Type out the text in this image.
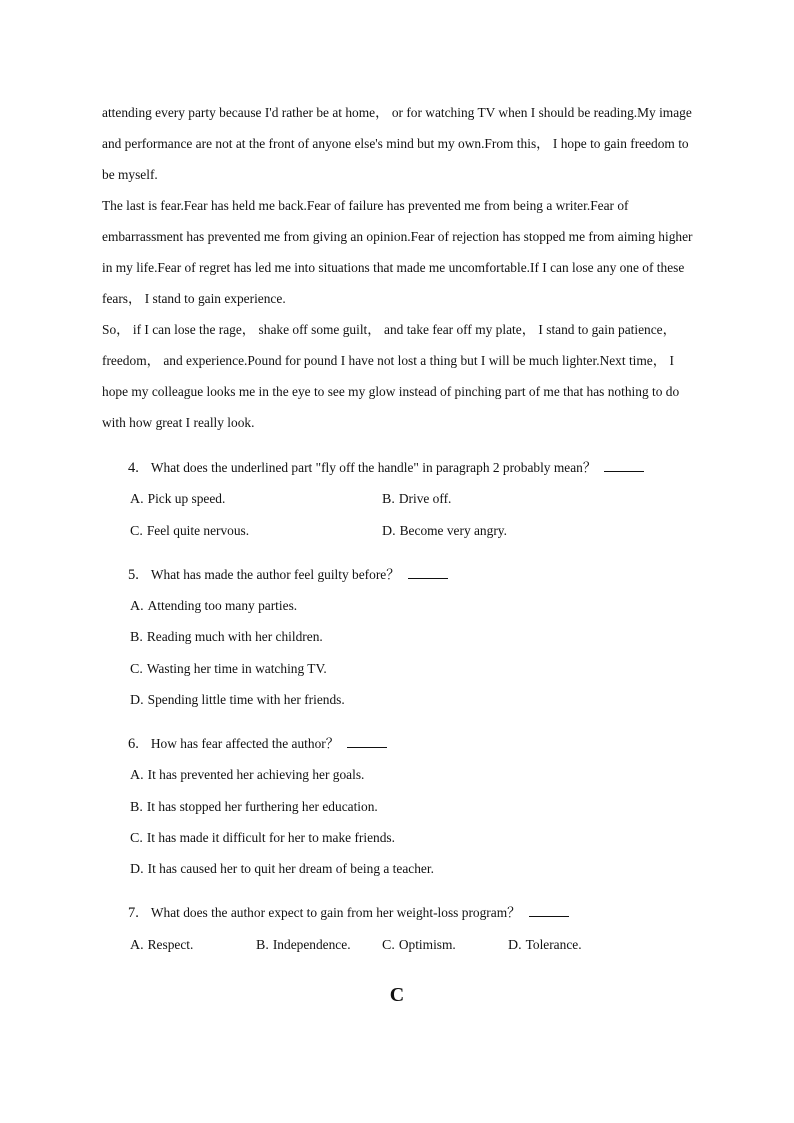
attending every party because I'd rather be at home， or for watching TV when I should be reading.My image and performance are not at the front of anyone else's mind but my own.From this， I hope to gain freedom to be myself.

The last is fear.Fear has held me back.Fear of failure has prevented me from being a writer.Fear of embarrassment has prevented me from giving an opinion.Fear of rejection has stopped me from aiming higher in my life.Fear of regret has led me into situations that made me uncomfortable.If I can lose any one of these fears， I stand to gain experience.

So， if I can lose the rage， shake off some guilt， and take fear off my plate， I stand to gain patience， freedom， and experience.Pound for pound I have not lost a thing but I will be much lighter.Next time， I hope my colleague looks me in the eye to see my glow instead of pinching part of me that has nothing to do with how great I really look.

4. What does the underlined part "fly off the handle" in paragraph 2 probably mean？
A. Pick up speed.	B. Drive off.
C. Feel quite nervous.	D. Become very angry.
5. What has made the author feel guilty before？
A. Attending too many parties.
B. Reading much with her children.
C. Wasting her time in watching TV.
D. Spending little time with her friends.
6. How has fear affected the author？
A. It has prevented her achieving her goals.
B. It has stopped her furthering her education.
C. It has made it difficult for her to make friends.
D. It has caused her to quit her dream of being a teacher.
7. What does the author expect to gain from her weight-loss program？
A. Respect.	B. Independence. C. Optimism.	D. Tolerance.
C
